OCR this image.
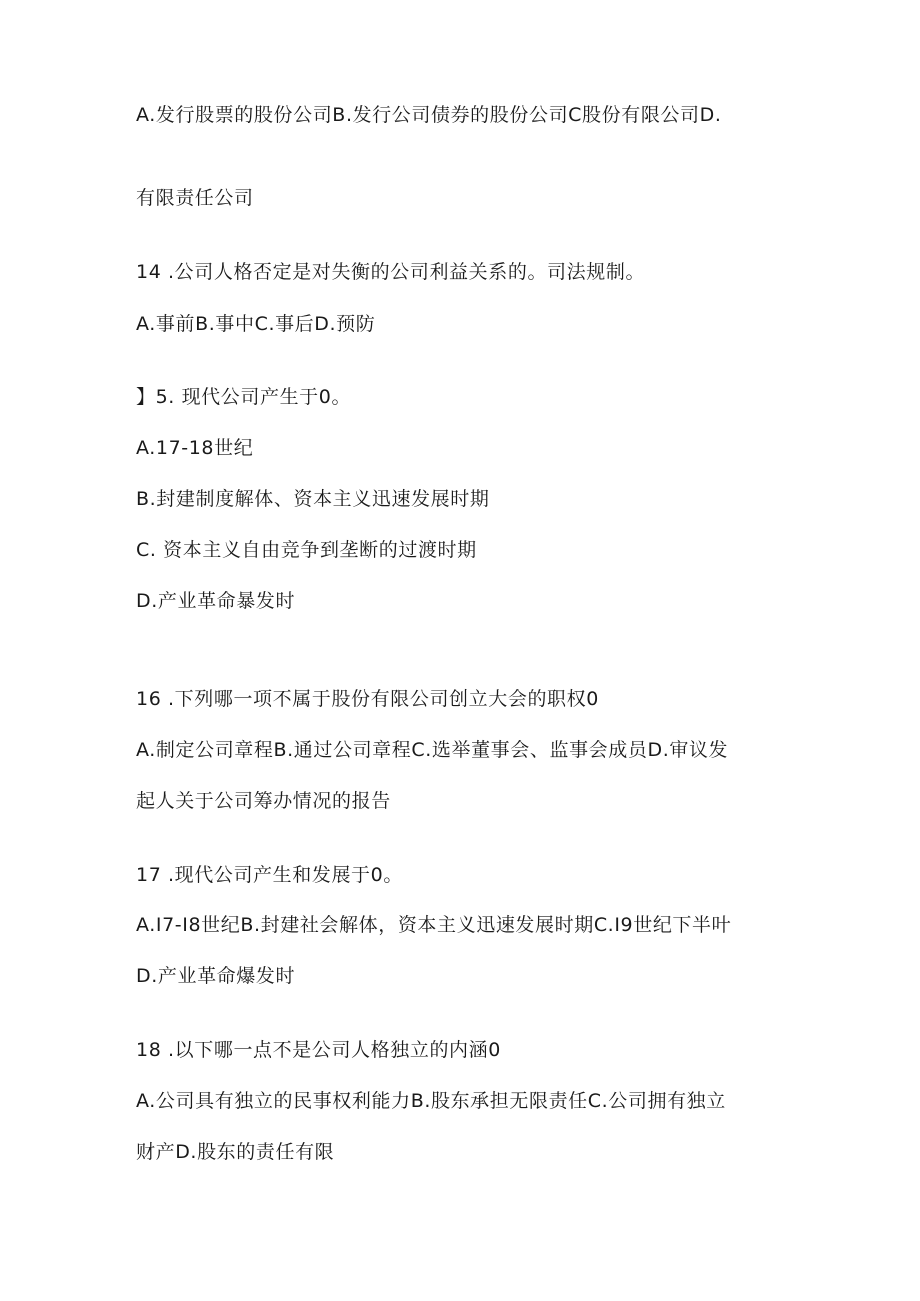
A.发行股票的股份公司B.发行公司债券的股份公司C股份有限公司D.

有限责任公司

14 .公司人格否定是对失衡的公司利益关系的。司法规制。

A.事前B.事中C.事后D.预防

】5. 现代公司产生于0。

A.17-18世纪

B.封建制度解体、资本主义迅速发展时期

C. 资本主义自由竞争到垄断的过渡时期

D.产业革命暴发时

16 .下列哪一项不属于股份有限公司创立大会的职权0

A.制定公司章程B.通过公司章程C.选举董事会、监事会成员D.审议发

起人关于公司筹办情况的报告

17 .现代公司产生和发展于0。

A.I7-I8世纪B.封建社会解体，资本主义迅速发展时期C.I9世纪下半叶

D.产业革命爆发时

18 .以下哪一点不是公司人格独立的内涵0

A.公司具有独立的民事权利能力B.股东承担无限责任C.公司拥有独立

财产D.股东的责任有限
